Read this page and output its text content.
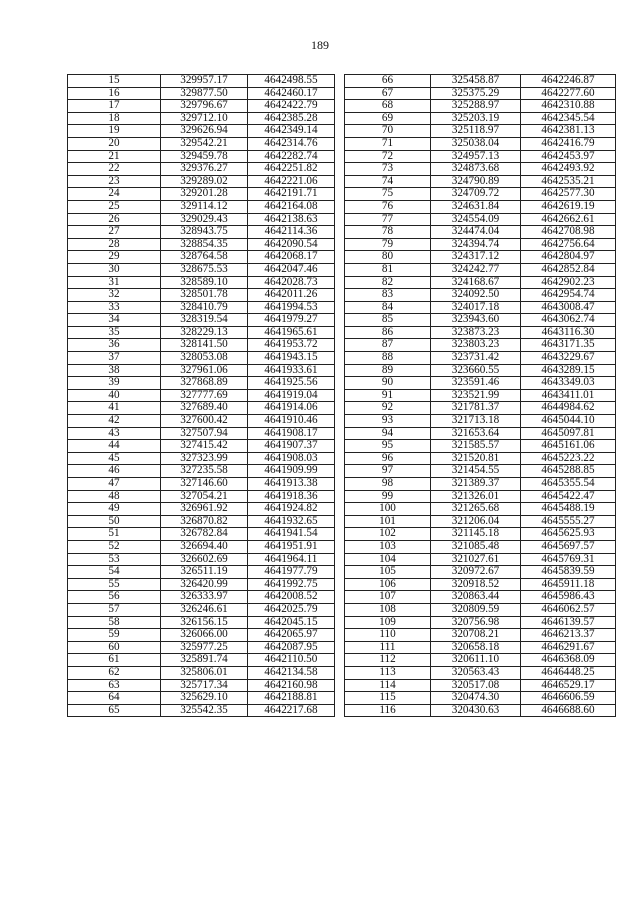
189
15	329957.17	4642498.55
16	329877.50	4642460.17
17	329796.67	4642422.79
18	329712.10	4642385.28
19	329626.94	4642349.14
20	329542.21	4642314.76
21	329459.78	4642282.74
22	329376.27	4642251.82
23	329289.02	4642221.06
24	329201.28	4642191.71
25	329114.12	4642164.08
26	329029.43	4642138.63
27	328943.75	4642114.36
28	328854.35	4642090.54
29	328764.58	4642068.17
30	328675.53	4642047.46
31	328589.10	4642028.73
32	328501.78	4642011.26
33	328410.79	4641994.53
34	328319.54	4641979.27
35	328229.13	4641965.61
36	328141.50	4641953.72
37	328053.08	4641943.15
38	327961.06	4641933.61
39	327868.89	4641925.56
40	327777.69	4641919.04
41	327689.40	4641914.06
42	327600.42	4641910.46
43	327507.94	4641908.17
44	327415.42	4641907.37
45	327323.99	4641908.03
46	327235.58	4641909.99
47	327146.60	4641913.38
48	327054.21	4641918.36
49	326961.92	4641924.82
50	326870.82	4641932.65
51	326782.84	4641941.54
52	326694.40	4641951.91
53	326602.69	4641964.11
54	326511.19	4641977.79
55	326420.99	4641992.75
56	326333.97	4642008.52
57	326246.61	4642025.79
58	326156.15	4642045.15
59	326066.00	4642065.97
60	325977.25	4642087.95
61	325891.74	4642110.50
62	325806.01	4642134.58
63	325717.34	4642160.98
64	325629.10	4642188.81
65	325542.35	4642217.68
66	325458.87	4642246.87
67	325375.29	4642277.60
68	325288.97	4642310.88
69	325203.19	4642345.54
70	325118.97	4642381.13
71	325038.04	4642416.79
72	324957.13	4642453.97
73	324873.68	4642493.92
74	324790.89	4642535.21
75	324709.72	4642577.30
76	324631.84	4642619.19
77	324554.09	4642662.61
78	324474.04	4642708.98
79	324394.74	4642756.64
80	324317.12	4642804.97
81	324242.77	4642852.84
82	324168.67	4642902.23
83	324092.50	4642954.74
84	324017.18	4643008.47
85	323943.60	4643062.74
86	323873.23	4643116.30
87	323803.23	4643171.35
88	323731.42	4643229.67
89	323660.55	4643289.15
90	323591.46	4643349.03
91	323521.99	4643411.01
92	321781.37	4644984.62
93	321713.18	4645044.10
94	321653.64	4645097.81
95	321585.57	4645161.06
96	321520.81	4645223.22
97	321454.55	4645288.85
98	321389.37	4645355.54
99	321326.01	4645422.47
100	321265.68	4645488.19
101	321206.04	4645555.27
102	321145.18	4645625.93
103	321085.48	4645697.57
104	321027.61	4645769.31
105	320972.67	4645839.59
106	320918.52	4645911.18
107	320863.44	4645986.43
108	320809.59	4646062.57
109	320756.98	4646139.57
110	320708.21	4646213.37
111	320658.18	4646291.67
112	320611.10	4646368.09
113	320563.43	4646448.25
114	320517.08	4646529.17
115	320474.30	4646606.59
116	320430.63	4646688.60
